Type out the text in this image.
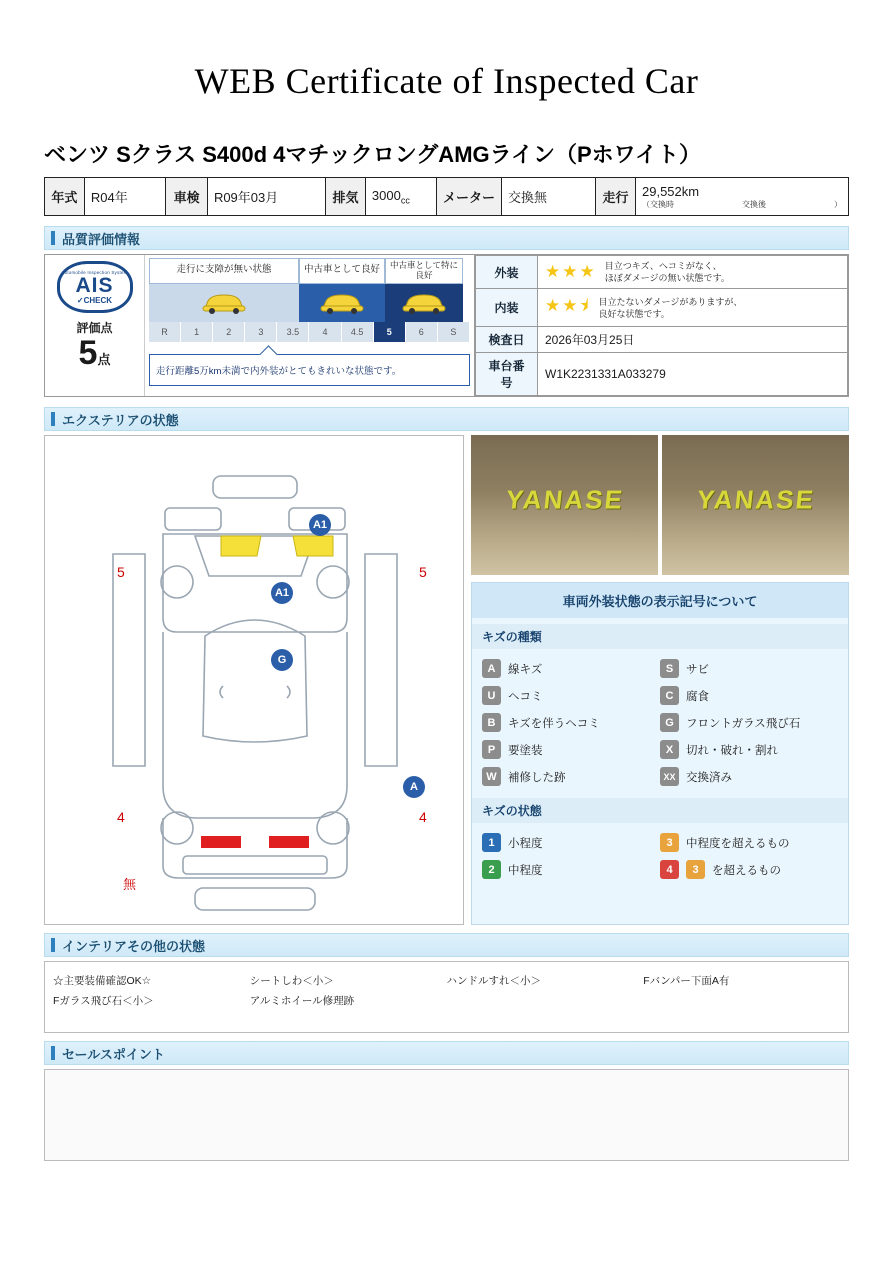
WEB Certificate of Inspected Car
ベンツ Sクラス S400d 4マチックロングAMGライン（Pホワイト）
年式	R04年	車検	R09年03月	排気	$3000_{cc}$	メーター	交換無	走行	29,552km
（交換時	交換後	）
品質評価情報
Automobile Inspection System
AIS
✓CHECK
評価点
5点
走行に支障が無い状態	中古車として良好	中古車として特に良好
R	1	2	3	3.5	4	4.5	5	6	S
走行距離5万km未満で内外装がとてもきれいな状態です。
外装	★★★ 目立つキズ、ヘコミがなく、
ほぼダメージの無い状態です。

内装	★★⯨ 目立たないダメージがありますが、
良好な状態です。

検査日	2026年03月25日
車台番号	W1K2231331A033279
エクステリアの状態
A1
A1
G
A
5	5
4	4
無
YANASE	YANASE
車両外装状態の表示記号について
キズの種類
A	線キズ	S	サビ
U	ヘコミ	C	腐食
B	キズを伴うヘコミ	G	フロントガラス飛び石
P	要塗装	X	切れ・破れ・割れ
W 補修した跡	XX 交換済み
キズの状態
1	小程度	3	中程度を超えるもの
2	中程度	4	3	を超えるもの
インテリアその他の状態
☆主要装備確認OK☆
Fガラス飛び石＜小＞
シートしわ＜小＞
アルミホイール修理跡
ハンドルすれ＜小＞	Fバンパー下面A有
セールスポイント
